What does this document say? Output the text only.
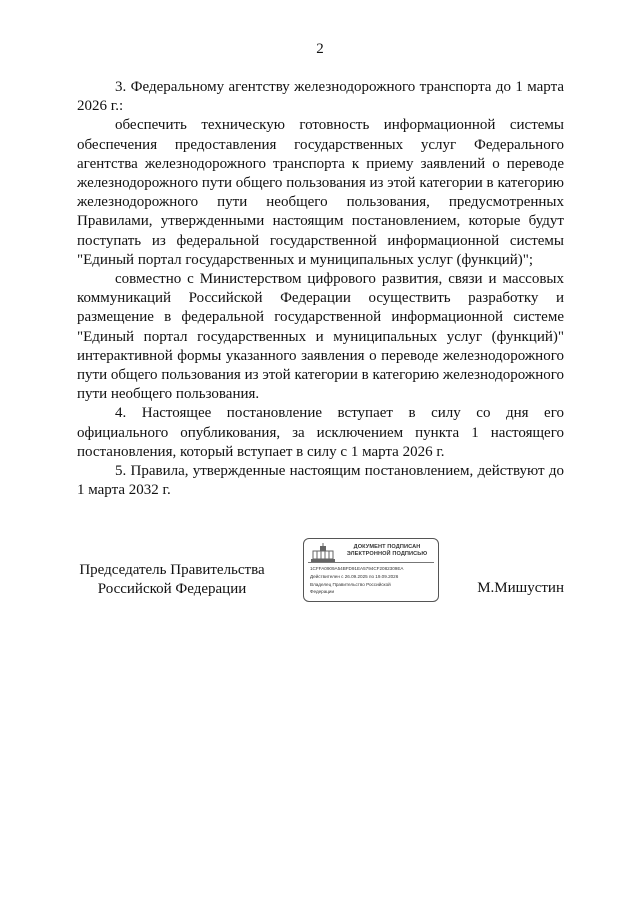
2

3. Федеральному агентству железнодорожного транспорта до 1 марта 2026 г.:

обеспечить техническую готовность информационной системы обеспечения предоставления государственных услуг Федерального агентства железнодорожного транспорта к приему заявлений о переводе железнодорожного пути общего пользования из этой категории в категорию железнодорожного пути необщего пользования, предусмотренных Правилами, утвержденными настоящим постановлением, которые будут поступать из федеральной государственной информационной системы "Единый портал государственных и муниципальных услуг (функций)";

совместно с Министерством цифрового развития, связи и массовых коммуникаций Российской Федерации осуществить разработку и размещение в федеральной государственной информационной системе "Единый портал государственных и муниципальных услуг (функций)" интерактивной формы указанного заявления о переводе железнодорожного пути общего пользования из этой категории в категорию железнодорожного пути необщего пользования.

4. Настоящее постановление вступает в силу со дня его официального опубликования, за исключением пункта 1 настоящего постановления, который вступает в силу с 1 марта 2026 г.

5. Правила, утвержденные настоящим постановлением, действуют до 1 марта 2032 г.

Председатель Правительства
Российской Федерации
ДОКУМЕНТ ПОДПИСАН
ЭЛЕКТРОННОЙ ПОДПИСЬЮ
1CFFA0909A54BFD91EA5794CF2082309EA
Действителен с 26.09.2025 по 19.09.2026
Владелец Правительство Российской
Федерации	М.Мишустин
